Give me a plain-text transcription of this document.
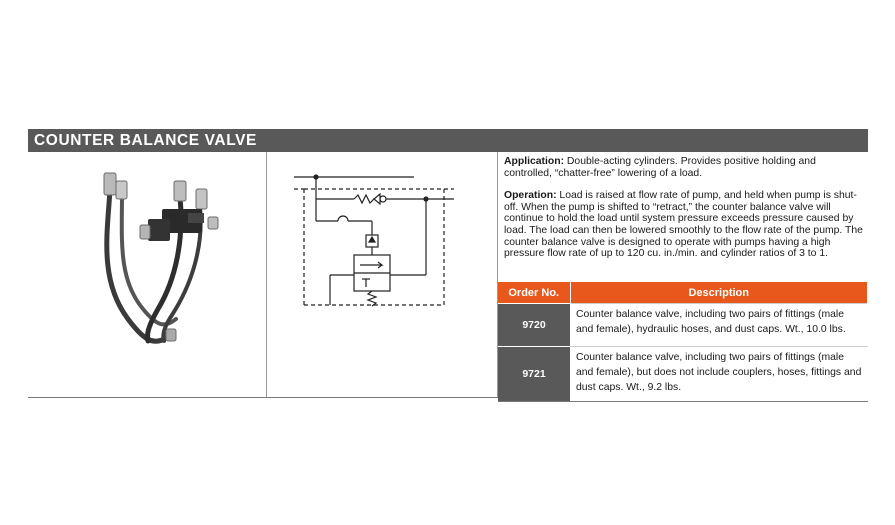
COUNTER BALANCE VALVE

Application: Double-acting cylinders. Provides positive holding and controlled, “chatter-free” lowering of a load.

Operation: Load is raised at flow rate of pump, and held when pump is shut-off. When the pump is shifted to “retract,” the counter balance valve will continue to hold the load until system pressure exceeds pressure caused by load. The load can then be lowered smoothly to the flow rate of the pump. The counter balance valve is designed to operate with pumps having a high pressure flow rate of up to 120 cu. in./min. and cylinder ratios of 3 to 1.

Order No.	Description
9720	Counter balance valve, including two pairs of fittings (male and female), hydraulic hoses, and dust caps. Wt., 10.0 lbs.
9721	Counter balance valve, including two pairs of fittings (male and female), but does not include couplers, hoses, fittings and dust caps. Wt., 9.2 lbs.
